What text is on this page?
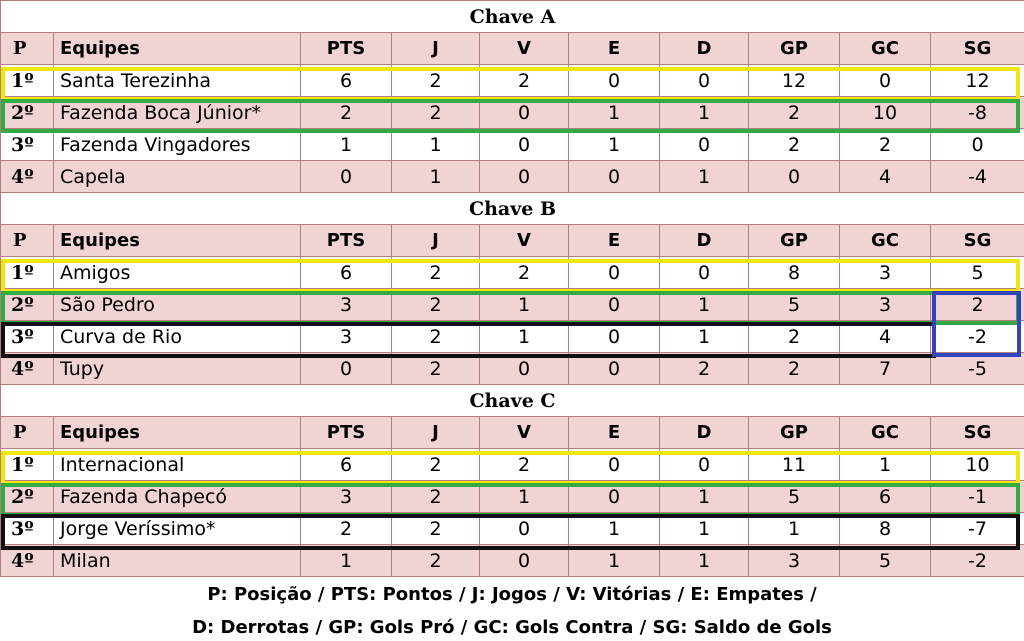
Chave A									
P	Equipes	PTS	J	V	E	D	GP	GC	SG
1º	Santa Terezinha	6	2	2	0	0	12	0	12
2º	Fazenda Boca Júnior*	2	2	0	1	1	2	10	-8
3º	Fazenda Vingadores	1	1	0	1	0	2	2	0
4º	Capela	0	1	0	0	1	0	4	-4
Chave B									
P	Equipes	PTS	J	V	E	D	GP	GC	SG
1º	Amigos	6	2	2	0	0	8	3	5
2º	São Pedro	3	2	1	0	1	5	3	2
3º	Curva de Rio	3	2	1	0	1	2	4	-2
4º	Tupy	0	2	0	0	2	2	7	-5
Chave C									
P	Equipes	PTS	J	V	E	D	GP	GC	SG
1º	Internacional	6	2	2	0	0	11	1	10
2º	Fazenda Chapecó	3	2	1	0	1	5	6	-1
3º	Jorge Veríssimo*	2	2	0	1	1	1	8	-7
4º	Milan	1	2	0	1	1	3	5	-2
P: Posição / PTS: Pontos / J: Jogos / V: Vitórias / E: Empates /
D: Derrotas / GP: Gols Pró / GC: Gols Contra / SG: Saldo de Gols
